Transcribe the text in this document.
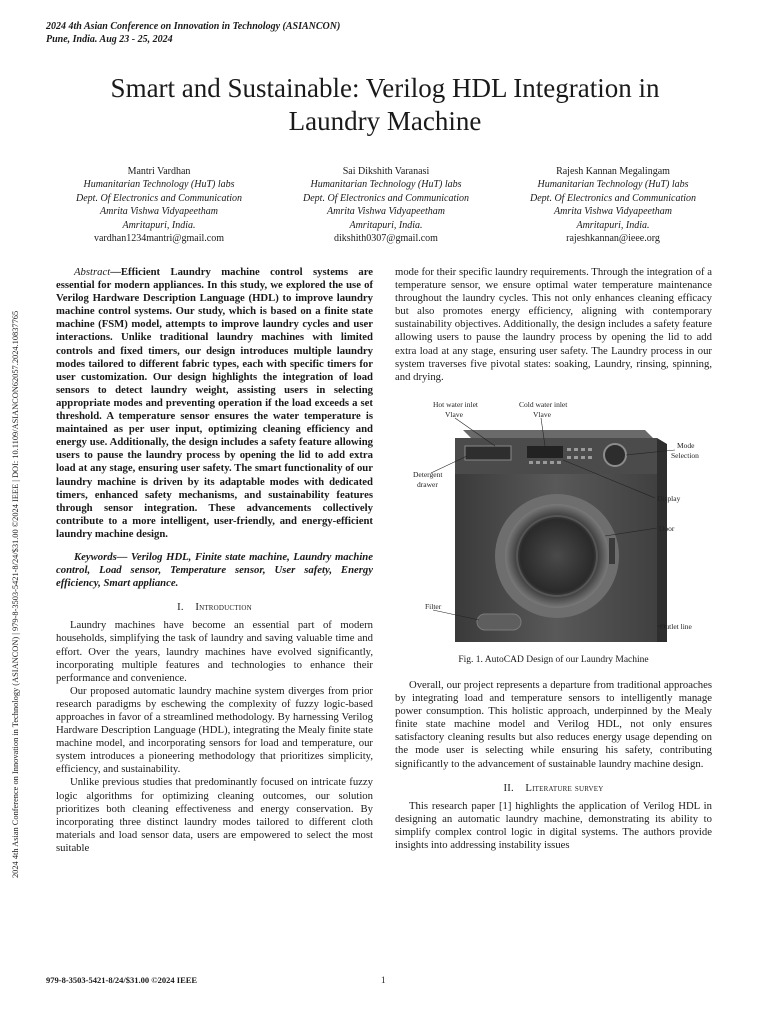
2024 4th Asian Conference on Innovation in Technology (ASIANCON)
Pune, India. Aug 23 - 25, 2024
Smart and Sustainable: Verilog HDL Integration in
Laundry Machine
2024 4th Asian Conference on Innovation in Technology (ASIANCON) | 979-8-3503-5421-8/24/$31.00 ©2024 IEEE | DOI: 10.1109/ASIANCON62057.2024.10837765
Mantri Vardhan
Humanitarian Technology (HuT) labs
Dept. Of Electronics and Communication
Amrita Vishwa Vidyapeetham
Amritapuri, India.
vardhan1234mantri@gmail.com
Sai Dikshith Varanasi
Humanitarian Technology (HuT) labs
Dept. Of Electronics and Communication
Amrita Vishwa Vidyapeetham
Amritapuri, India.
dikshith0307@gmail.com
Rajesh Kannan Megalingam
Humanitarian Technology (HuT) labs
Dept. Of Electronics and Communication
Amrita Vishwa Vidyapeetham
Amritapuri, India.
rajeshkannan@ieee.org

Abstract—Efficient Laundry machine control systems are essential for modern appliances. In this study, we explored the use of Verilog Hardware Description Language (HDL) to improve laundry machine control systems. Our study, which is based on a finite state machine (FSM) model, attempts to improve laundry cycles and user interactions. Unlike traditional laundry machines with limited controls and fixed timers, our design introduces multiple laundry modes tailored to different fabric types, each with specific timers for user customization. Our design highlights the integration of load sensors to detect laundry weight, assisting users in selecting appropriate modes and preventing operation if the load exceeds a set threshold. A temperature sensor ensures the water temperature is maintained as per user input, optimizing cleaning efficiency and energy use. Additionally, the design includes a safety feature allowing users to pause the laundry process by opening the lid to add extra load at any stage, ensuring user safety. The smart functionality of our laundry machine is driven by its adaptable modes with dedicated timers, enhanced safety mechanisms, and sustainability features through sensor integration. These advancements collectively contribute to a more intelligent, user-friendly, and energy-efficient laundry machine design.

Keywords— Verilog HDL, Finite state machine, Laundry machine control, Load sensor, Temperature sensor, User safety, Energy efficiency, Smart appliance.

I. Introduction

Laundry machines have become an essential part of modern households, simplifying the task of laundry and saving valuable time and effort. Over the years, laundry machines have evolved significantly, incorporating multiple features and technologies to enhance their performance and convenience.

Our proposed automatic laundry machine system diverges from prior research paradigms by eschewing the complexity of fuzzy logic-based approaches in favor of a streamlined methodology. By harnessing Verilog Hardware Description Language (HDL), integrating the Mealy finite state machine model, and incorporating sensors for load and temperature, our system introduces a pioneering methodology that prioritizes simplicity, efficiency, and sustainability.

Unlike previous studies that predominantly focused on intricate fuzzy logic algorithms for optimizing cleaning outcomes, our solution prioritizes both cleaning effectiveness and energy conservation. By incorporating three distinct laundry modes tailored to different cloth materials and load sensor data, users are empowered to select the most suitable

mode for their specific laundry requirements. Through the integration of a temperature sensor, we ensure optimal water temperature maintenance throughout the laundry cycles. This not only enhances cleaning efficacy but also promotes energy efficiency, aligning with contemporary sustainability objectives. Additionally, the design includes a safety feature allowing users to pause the laundry process by opening the lid to add extra load at any stage, ensuring user safety. The Laundry process in our system traverses five pivotal states: soaking, Laundry, rinsing, spinning, and drying.

Hot water inlet
Vlave
Cold water inlet
Vlave
Mode
Selection
Detergent
drawer
Display
Door
Filter
Outlet line

Fig. 1. AutoCAD Design of our Laundry Machine

Overall, our project represents a departure from traditional approaches by integrating load and temperature sensors to intelligently manage power consumption. This holistic approach, underpinned by the Mealy finite state machine model and Verilog HDL, not only ensures satisfactory cleaning results but also reduces energy usage depending on the mode user is selecting while ensuring his safety, contributing significantly to the advancement of sustainable laundry machine design.

II. Literature survey

This research paper [1] highlights the application of Verilog HDL in designing an automatic laundry machine, demonstrating its ability to simplify complex control logic in digital systems. The authors provide insights into addressing instability issues

979-8-3503-5421-8/24/$31.00 ©2024 IEEE	1
